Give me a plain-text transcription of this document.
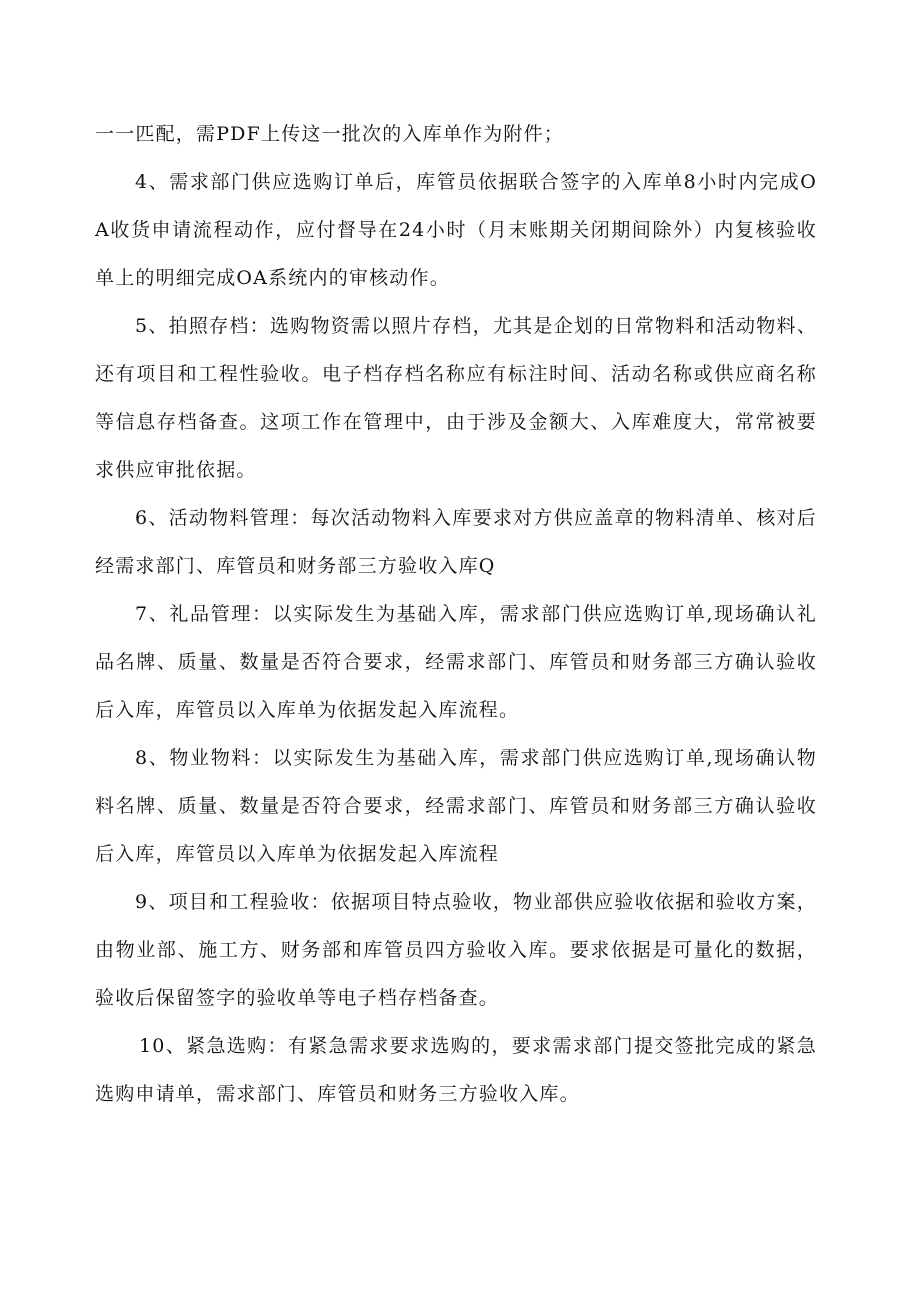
一一匹配，需PDF上传这一批次的入库单作为附件；

4、需求部门供应选购订单后，库管员依据联合签字的入库单8小时内完成OA收货申请流程动作，应付督导在24小时（月末账期关闭期间除外）内复核验收单上的明细完成OA系统内的审核动作。

5、拍照存档：选购物资需以照片存档，尤其是企划的日常物料和活动物料、还有项目和工程性验收。电子档存档名称应有标注时间、活动名称或供应商名称等信息存档备查。这项工作在管理中，由于涉及金额大、入库难度大，常常被要求供应审批依据。

6、活动物料管理：每次活动物料入库要求对方供应盖章的物料清单、核对后经需求部门、库管员和财务部三方验收入库Q

7、礼品管理：以实际发生为基础入库，需求部门供应选购订单,现场确认礼品名牌、质量、数量是否符合要求，经需求部门、库管员和财务部三方确认验收后入库，库管员以入库单为依据发起入库流程。

8、物业物料：以实际发生为基础入库，需求部门供应选购订单,现场确认物料名牌、质量、数量是否符合要求，经需求部门、库管员和财务部三方确认验收后入库，库管员以入库单为依据发起入库流程

9、项目和工程验收：依据项目特点验收，物业部供应验收依据和验收方案，由物业部、施工方、财务部和库管员四方验收入库。要求依据是可量化的数据，验收后保留签字的验收单等电子档存档备查。

10、紧急选购：有紧急需求要求选购的，要求需求部门提交签批完成的紧急选购申请单，需求部门、库管员和财务三方验收入库。
